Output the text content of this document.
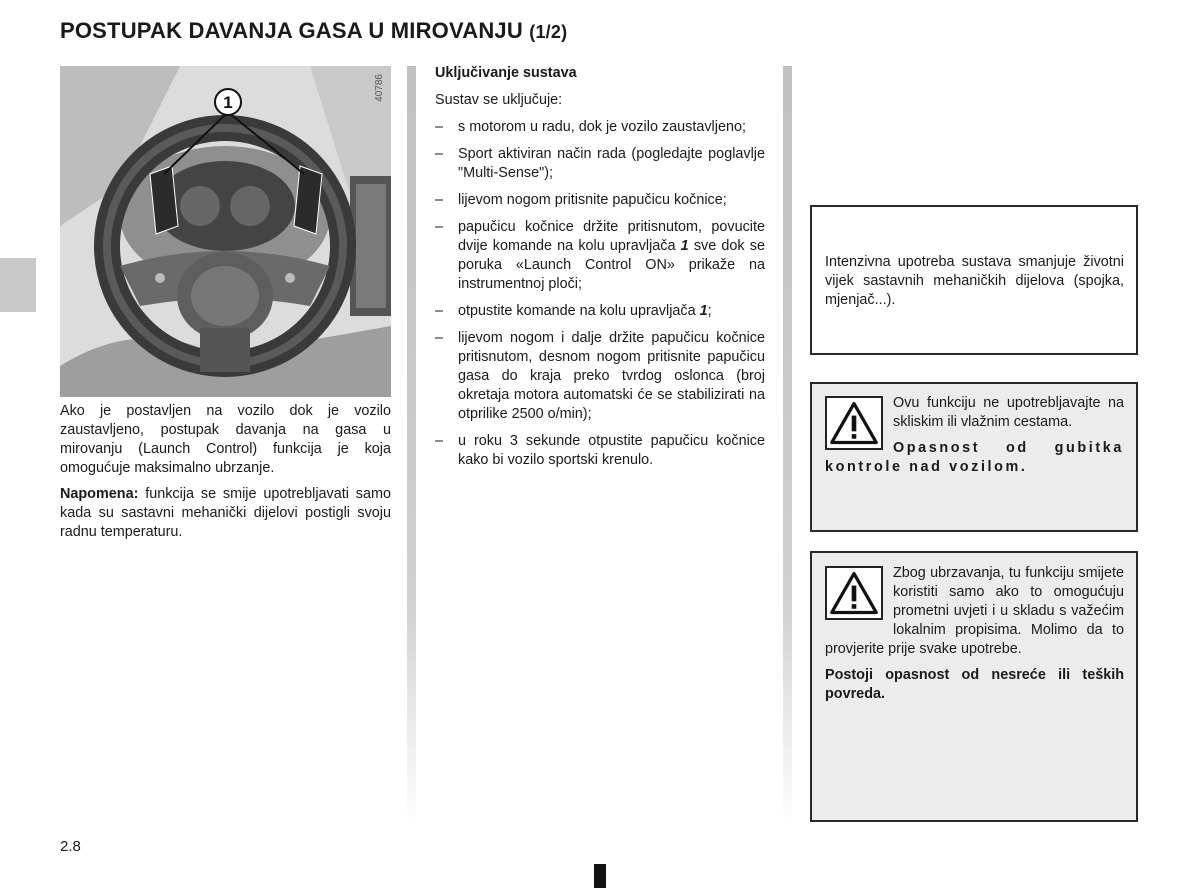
POSTUPAK DAVANJA GASA U MIROVANJU (1/2)
1
40786

Ako je postavljen na vozilo dok je vozilo zaustavljeno, postupak davanja na gasa u mirovanju (Launch Control) funkcija je koja omogućuje maksimalno ubrzanje.

Napomena: funkcija se smije upotrebljavati samo kada su sastavni mehanički dijelovi postigli svoju radnu temperaturu.

Uključivanje sustava
Sustav se uključuje:
– s motorom u radu, dok je vozilo zaustavljeno;
– Sport aktiviran način rada (pogledajte poglavlje "Multi-Sense");
– lijevom nogom pritisnite papučicu kočnice;
– papučicu kočnice držite pritisnutom, povucite dvije komande na kolu upravljača 1 sve dok se poruka «Launch Control ON» prikaže na instrumentnoj ploči;
– otpustite komande na kolu upravljača 1;
– lijevom nogom i dalje držite papučicu kočnice pritisnutom, desnom nogom pritisnite papučicu gasa do kraja preko tvrdog oslonca (broj okretaja motora automatski će se stabilizirati na otprilike 2500 o/min);
– u roku 3 sekunde otpustite papučicu kočnice kako bi vozilo sportski krenulo.

Intenzivna upotreba sustava smanjuje životni vijek sastavnih mehaničkih dijelova (spojka, mjenjač...).

Ovu funkciju ne upotrebljavajte na skliskim ili vlažnim cestama.

Opasnost od gubitka kontrole nad vozilom.

Zbog ubrzavanja, tu funkciju smijete koristiti samo ako to omogućuju prometni uvjeti i u skladu s važećim lokalnim propisima. Molimo da to provjerite prije svake upotrebe.

Postoji opasnost od nesreće ili teških povreda.

2.8
